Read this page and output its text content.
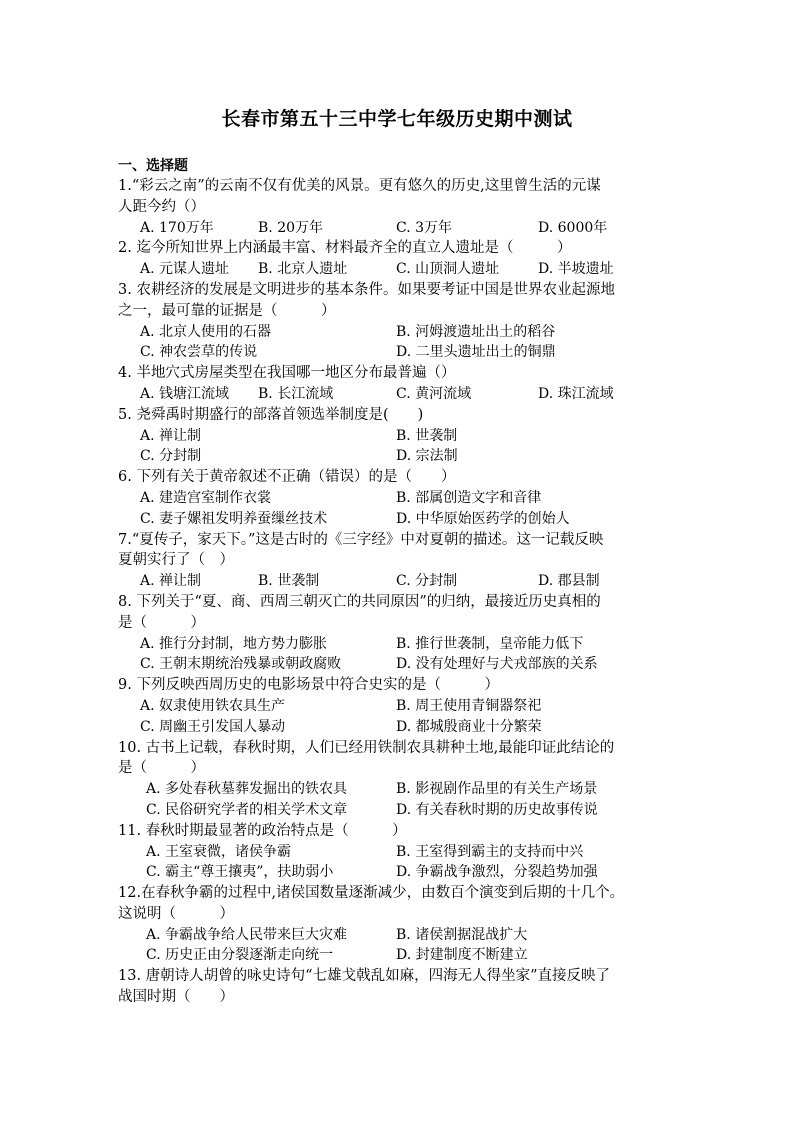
长春市第五十三中学七年级历史期中测试
一、选择题
1.“彩云之南”的云南不仅有优美的风景。更有悠久的历史,这里曾生活的元谋
人距今约（）
A. 170万年	B. 20万年	C. 3万年	D. 6000年
2. 迄今所知世界上内涵最丰富、材料最齐全的直立人遗址是（　　　）
A. 元谋人遗址 B. 北京人遗址	C. 山顶洞人遗址	D. 半坡遗址
3. 农耕经济的发展是文明进步的基本条件。如果要考证中国是世界农业起源地
之一，最可靠的证据是（　　　）
A. 北京人使用的石器	B. 河姆渡遗址出土的稻谷
C. 神农尝草的传说	D. 二里头遗址出土的铜鼎
4. 半地穴式房屋类型在我国哪一地区分布最普遍（）
A. 钱塘江流域 B. 长江流域	C. 黄河流域	D. 珠江流域
5. 尧舜禹时期盛行的部落首领选举制度是(　　)
A. 禅让制	B. 世袭制
C. 分封制	D. 宗法制
6. 下列有关于黄帝叙述不正确（错误）的是（　　）
A. 建造宫室制作衣裳	B. 部属创造文字和音律
C. 妻子嫘祖发明养蚕缫丝技术	D. 中华原始医药学的创始人
7.“夏传子，家天下。”这是古时的《三字经》中对夏朝的描述。这一记载反映
夏朝实行了（　）
A. 禅让制	B. 世袭制	C. 分封制	D. 郡县制
8. 下列关于“夏、商、西周三朝灭亡的共同原因”的归纳，最接近历史真相的
是（　　　）
A. 推行分封制，地方势力膨胀	B. 推行世袭制，皇帝能力低下
C. 王朝末期统治残暴或朝政腐败	D. 没有处理好与犬戎部族的关系
9. 下列反映西周历史的电影场景中符合史实的是（　　　）
A. 奴隶使用铁农具生产	B. 周王使用青铜器祭祀
C. 周幽王引发国人暴动	D. 都城殷商业十分繁荣
10. 古书上记载，春秋时期，人们已经用铁制农具耕种土地,最能印证此结论的
是（　　　）
A. 多处春秋墓葬发掘出的铁农具	B. 影视剧作品里的有关生产场景
C. 民俗研究学者的相关学术文章	D. 有关春秋时期的历史故事传说
11. 春秋时期最显著的政治特点是（　　　）
A. 王室衰微，诸侯争霸	B. 王室得到霸主的支持而中兴
C. 霸主“尊王攘夷”，扶助弱小	D. 争霸战争激烈，分裂趋势加强
12.在春秋争霸的过程中,诸侯国数量逐渐减少，由数百个演变到后期的十几个。
这说明（　　　）
A. 争霸战争给人民带来巨大灾难	B. 诸侯割据混战扩大
C. 历史正由分裂逐渐走向统一	D. 封建制度不断建立
13. 唐朝诗人胡曾的咏史诗句“七雄戈戟乱如麻，四海无人得坐家”直接反映了
战国时期（　　）
